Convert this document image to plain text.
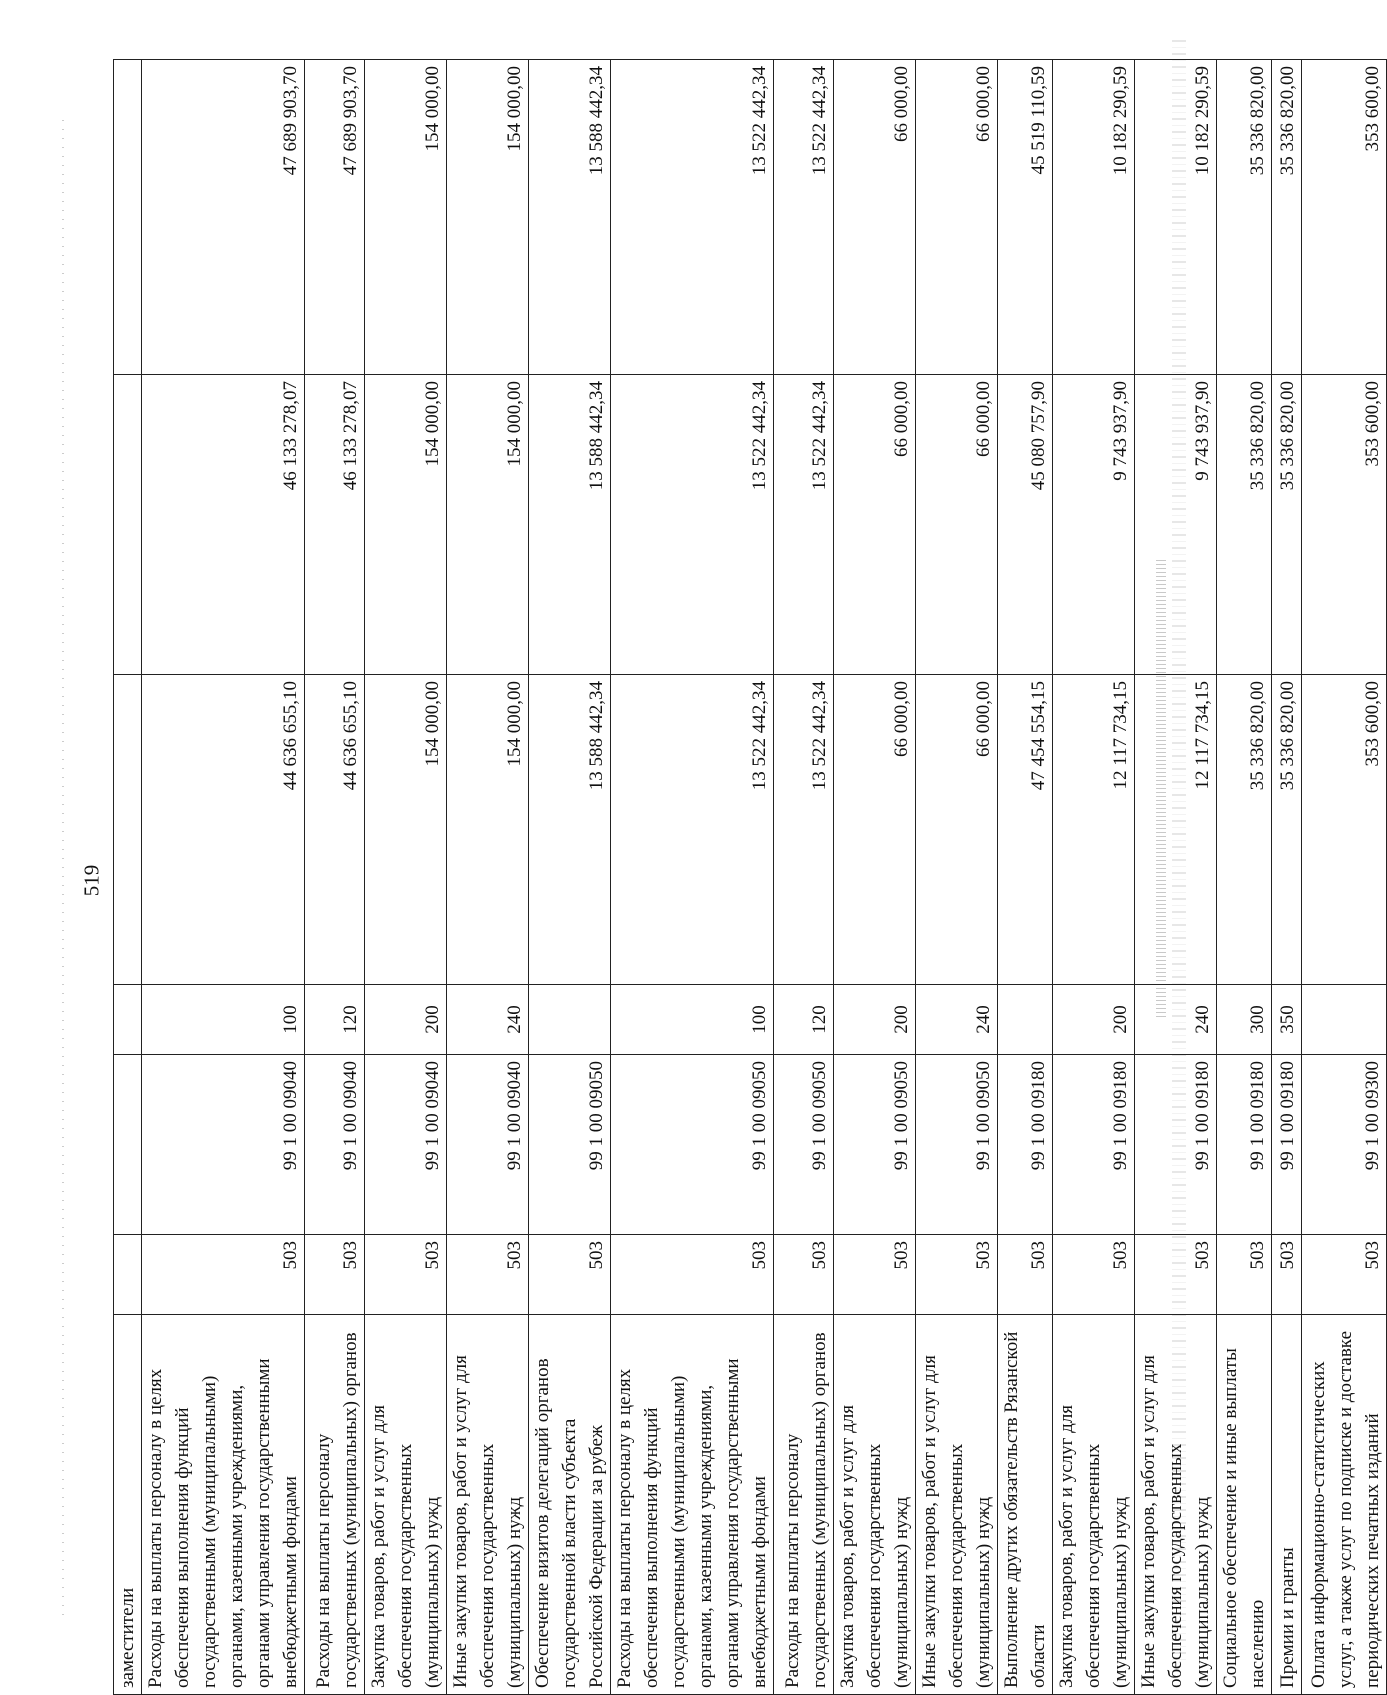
519
заместители						
Расходы на выплаты персоналу в целях обеспечения выполнения функций государственными (муниципальными) органами, казенными учреждениями, органами управления государственными внебюджетными фондами	503	99 1 00 09040	100	44 636 655,10	46 133 278,07	47 689 903,70
Расходы на выплаты персоналу государственных (муниципальных) органов	503	99 1 00 09040	120	44 636 655,10	46 133 278,07	47 689 903,70
Закупка товаров, работ и услуг для обеспечения государственных (муниципальных) нужд	503	99 1 00 09040	200	154 000,00	154 000,00	154 000,00
Иные закупки товаров, работ и услуг для обеспечения государственных (муниципальных) нужд	503	99 1 00 09040	240	154 000,00	154 000,00	154 000,00
Обеспечение визитов делегаций органов государственной власти субъекта Российской Федерации за рубеж	503	99 1 00 09050		13 588 442,34	13 588 442,34	13 588 442,34
Расходы на выплаты персоналу в целях обеспечения выполнения функций государственными (муниципальными) органами, казенными учреждениями, органами управления государственными внебюджетными фондами	503	99 1 00 09050	100	13 522 442,34	13 522 442,34	13 522 442,34
Расходы на выплаты персоналу государственных (муниципальных) органов	503	99 1 00 09050	120	13 522 442,34	13 522 442,34	13 522 442,34
Закупка товаров, работ и услуг для обеспечения государственных (муниципальных) нужд	503	99 1 00 09050	200	66 000,00	66 000,00	66 000,00
Иные закупки товаров, работ и услуг для обеспечения государственных (муниципальных) нужд	503	99 1 00 09050	240	66 000,00	66 000,00	66 000,00
Выполнение других обязательств Рязанской области	503	99 1 00 09180		47 454 554,15	45 080 757,90	45 519 110,59
Закупка товаров, работ и услуг для обеспечения государственных (муниципальных) нужд	503	99 1 00 09180	200	12 117 734,15	9 743 937,90	10 182 290,59
Иные закупки товаров, работ и услуг для обеспечения государственных (муниципальных) нужд	503	99 1 00 09180	240	12 117 734,15	9 743 937,90	10 182 290,59
Социальное обеспечение и иные выплаты населению	503	99 1 00 09180	300	35 336 820,00	35 336 820,00	35 336 820,00
Премии и гранты	503	99 1 00 09180	350	35 336 820,00	35 336 820,00	35 336 820,00
Оплата информационно-статистических услуг, а также услуг по подписке и доставке периодических печатных изданий	503	99 1 00 09300		353 600,00	353 600,00	353 600,00
